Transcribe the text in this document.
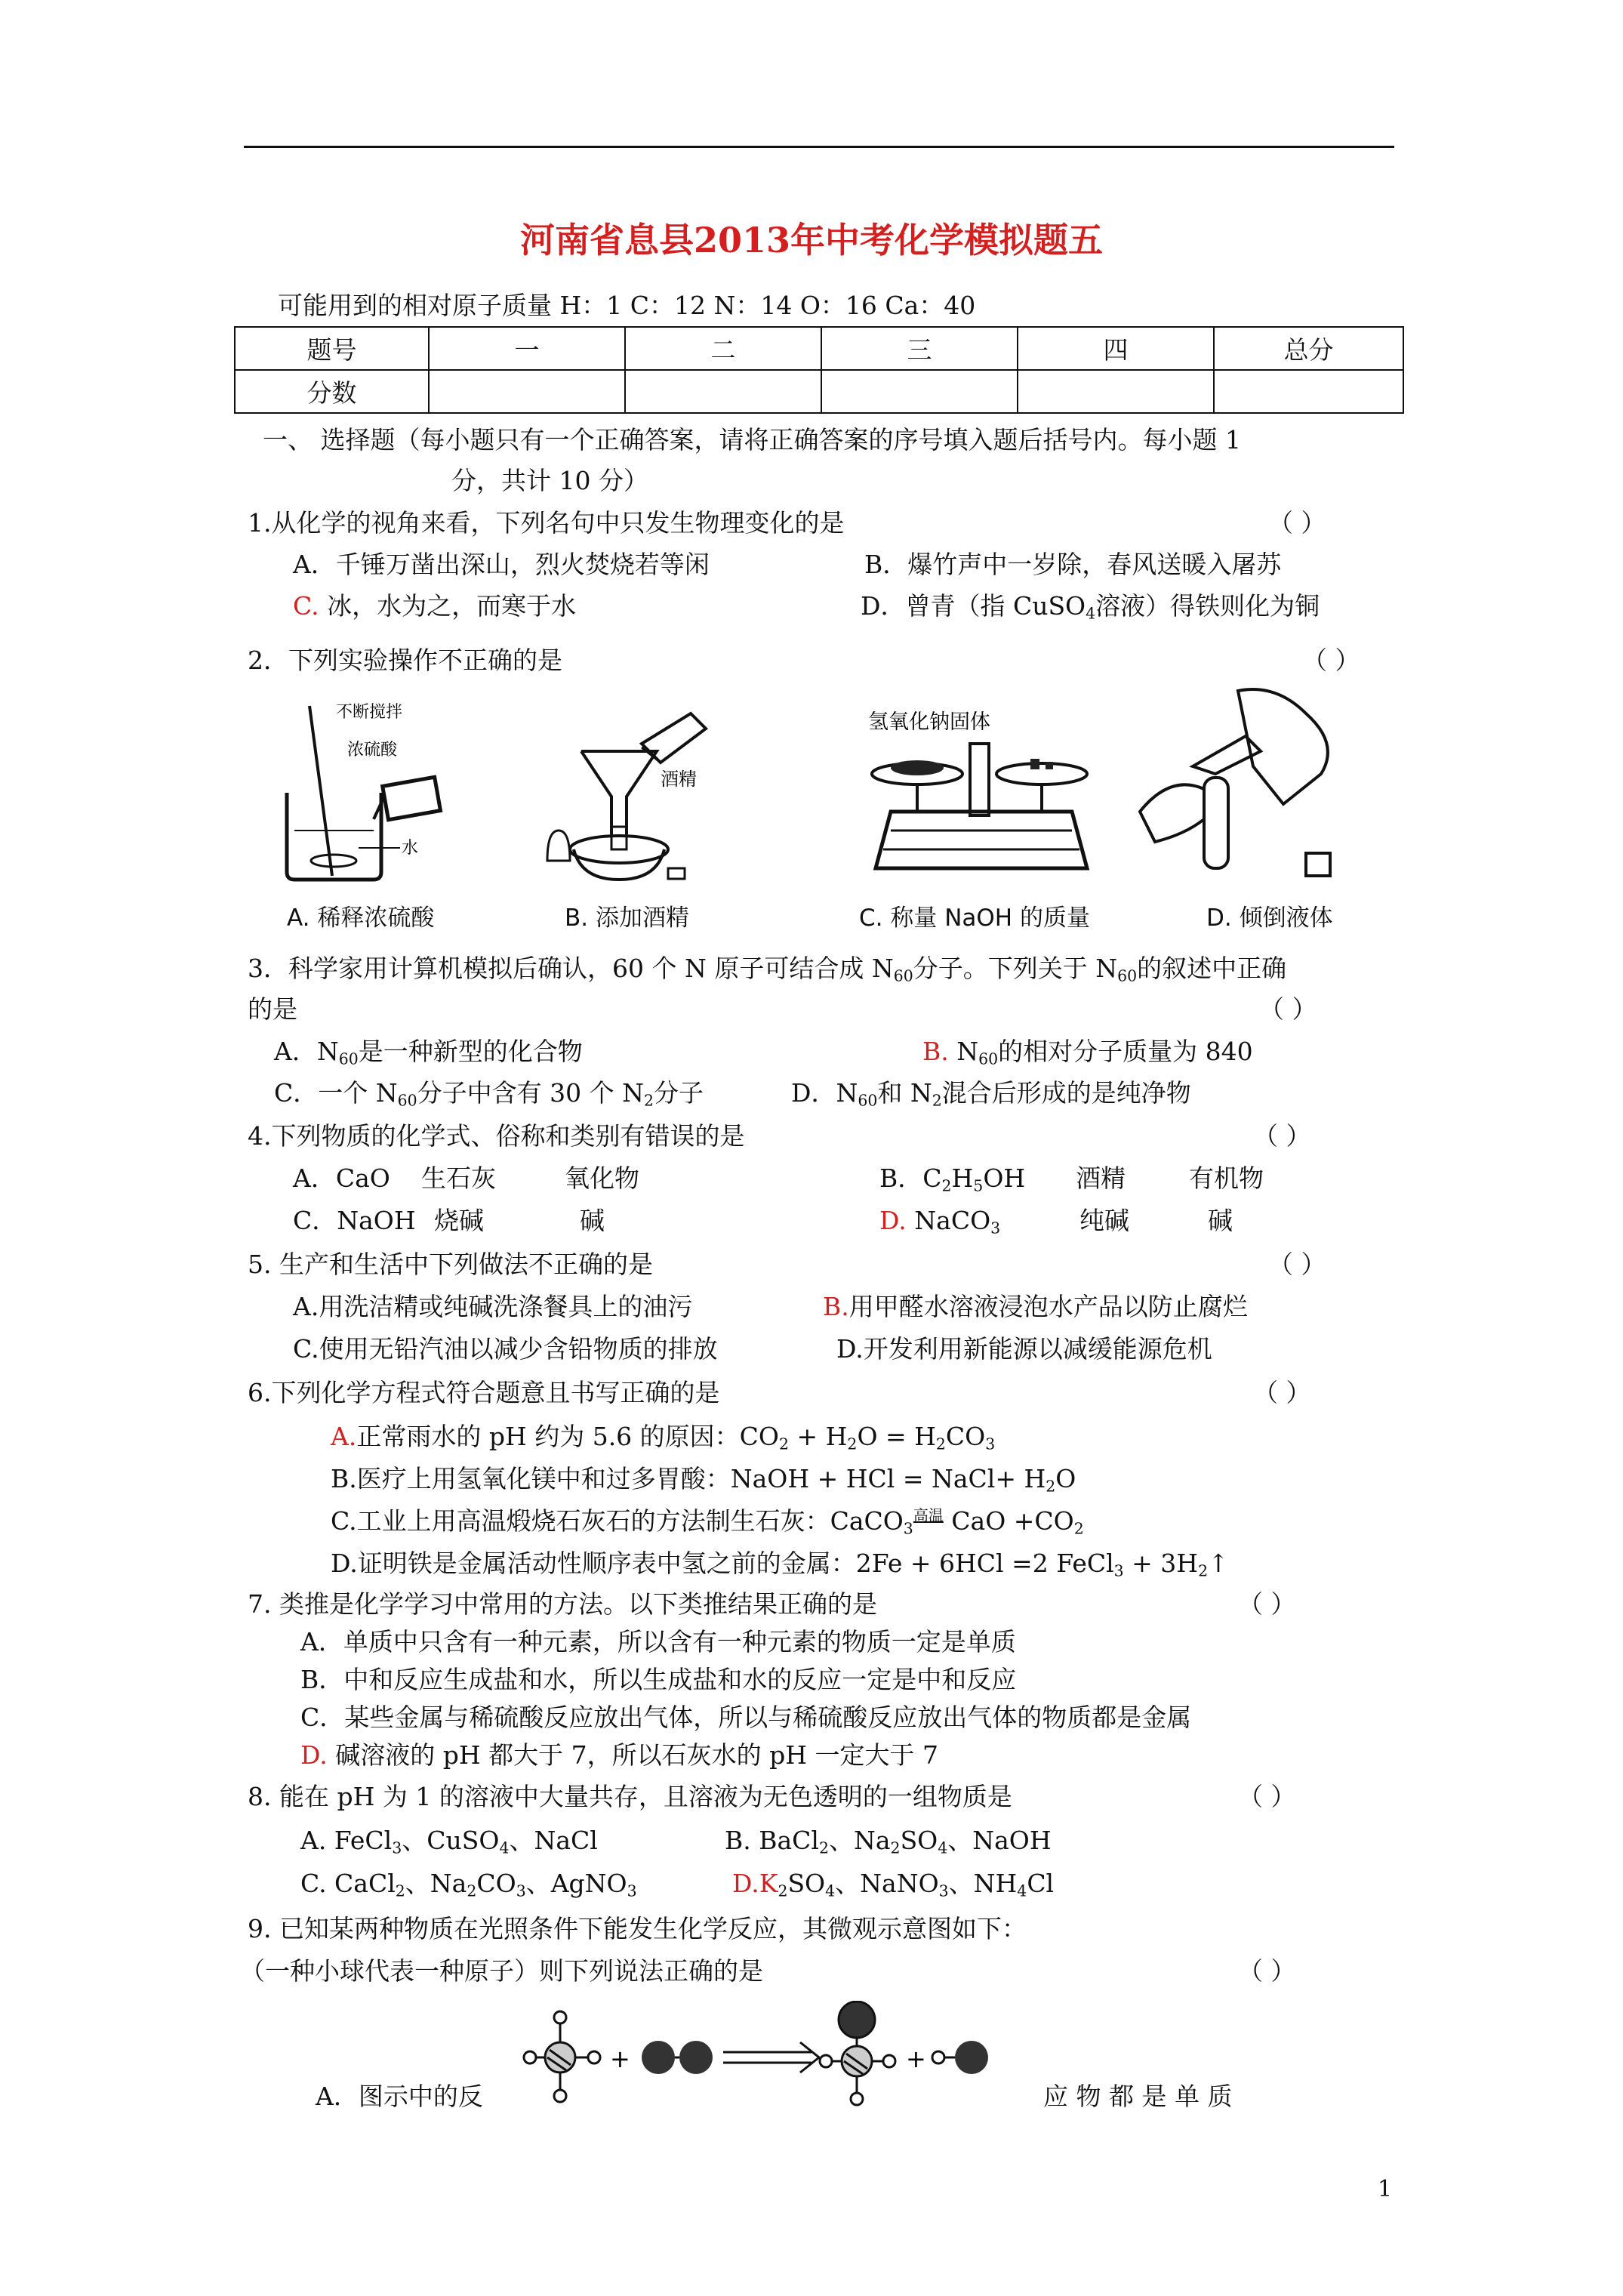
河南省息县2013年中考化学模拟题五
可能用到的相对原子质量 H：1 C：12 N：14 O：16 Ca：40
题号	一	二	三	四	总分
分数					
一、 选择题（每小题只有一个正确答案，请将正确答案的序号填入题后括号内。每小题 1
分，共计 10 分）
1.从化学的视角来看，下列名句中只发生物理变化的是	（ ）
A．千锤万凿出深山，烈火焚烧若等闲	B．爆竹声中一岁除，春风送暖入屠苏
C. 冰，水为之，而寒于水	D．曾青（指 CuSO$_4$溶液）得铁则化为铜
2．下列实验操作不正确的是	（ ）
不断搅拌
浓硫酸
水
酒精
氢氧化钠固体
A. 稀释浓硫酸	B. 添加酒精	C. 称量 NaOH 的质量	D. 倾倒液体
3．科学家用计算机模拟后确认，60 个 N 原子可结合成 $N_{60}$分子。下列关于 $N_{60}$的叙述中正确
的是	（ ）
A．$N_{60}$是一种新型的化合物	B. $N_{60}$的相对分子质量为 840
C．一个 $N_{60}$分子中含有 30 个 $N_2$分子	D．$N_{60}$和 $N_2$混合后形成的是纯净物
4.下列物质的化学式、俗称和类别有错误的是	（ ）
A．CaO 生石灰	氧化物	B．$C_2H_5OH$ 酒精	有机物
C．NaOH 烧碱	碱	D. NaCO$_3$	纯碱	碱
5. 生产和生活中下列做法不正确的是	（ ）
A.用洗洁精或纯碱洗涤餐具上的油污	B.用甲醛水溶液浸泡水产品以防止腐烂
C.使用无铅汽油以减少含铅物质的排放	D.开发利用新能源以减缓能源危机
6.下列化学方程式符合题意且书写正确的是	（ ）
A.正常雨水的 pH 约为 5.6 的原因：$CO_2 + H_2O = H_2CO_3$
B.医疗上用氢氧化镁中和过多胃酸：NaOH + HCl = NaCl+ $H_2O$
C.工业上用高温煅烧石灰石的方法制生石灰：CaCO$_3$高温 CaO $+CO_2$
D.证明铁是金属活动性顺序表中氢之前的金属：2Fe + 6HCl =2 FeCl$_3$ + $3H_2↑$
7. 类推是化学学习中常用的方法。以下类推结果正确的是	（ ）
A．单质中只含有一种元素，所以含有一种元素的物质一定是单质
B．中和反应生成盐和水，所以生成盐和水的反应一定是中和反应
C．某些金属与稀硫酸反应放出气体，所以与稀硫酸反应放出气体的物质都是金属
D. 碱溶液的 pH 都大于 7，所以石灰水的 pH 一定大于 7
8. 能在 pH 为 1 的溶液中大量共存，且溶液为无色透明的一组物质是	（ ）
A. FeCl$_3$、CuSO$_4$、NaCl	B. BaCl$_2$、$Na_2SO_4$、NaOH
C. CaCl$_2$、$Na_2CO_3$、AgNO$_3$	$D.K_2SO_4$、NaNO$_3$、$NH_4Cl$
9. 已知某两种物质在光照条件下能发生化学反应，其微观示意图如下：
（一种小球代表一种原子）则下列说法正确的是	（ ）
+	+
A．图示中的反	应 物 都 是 单 质
1
